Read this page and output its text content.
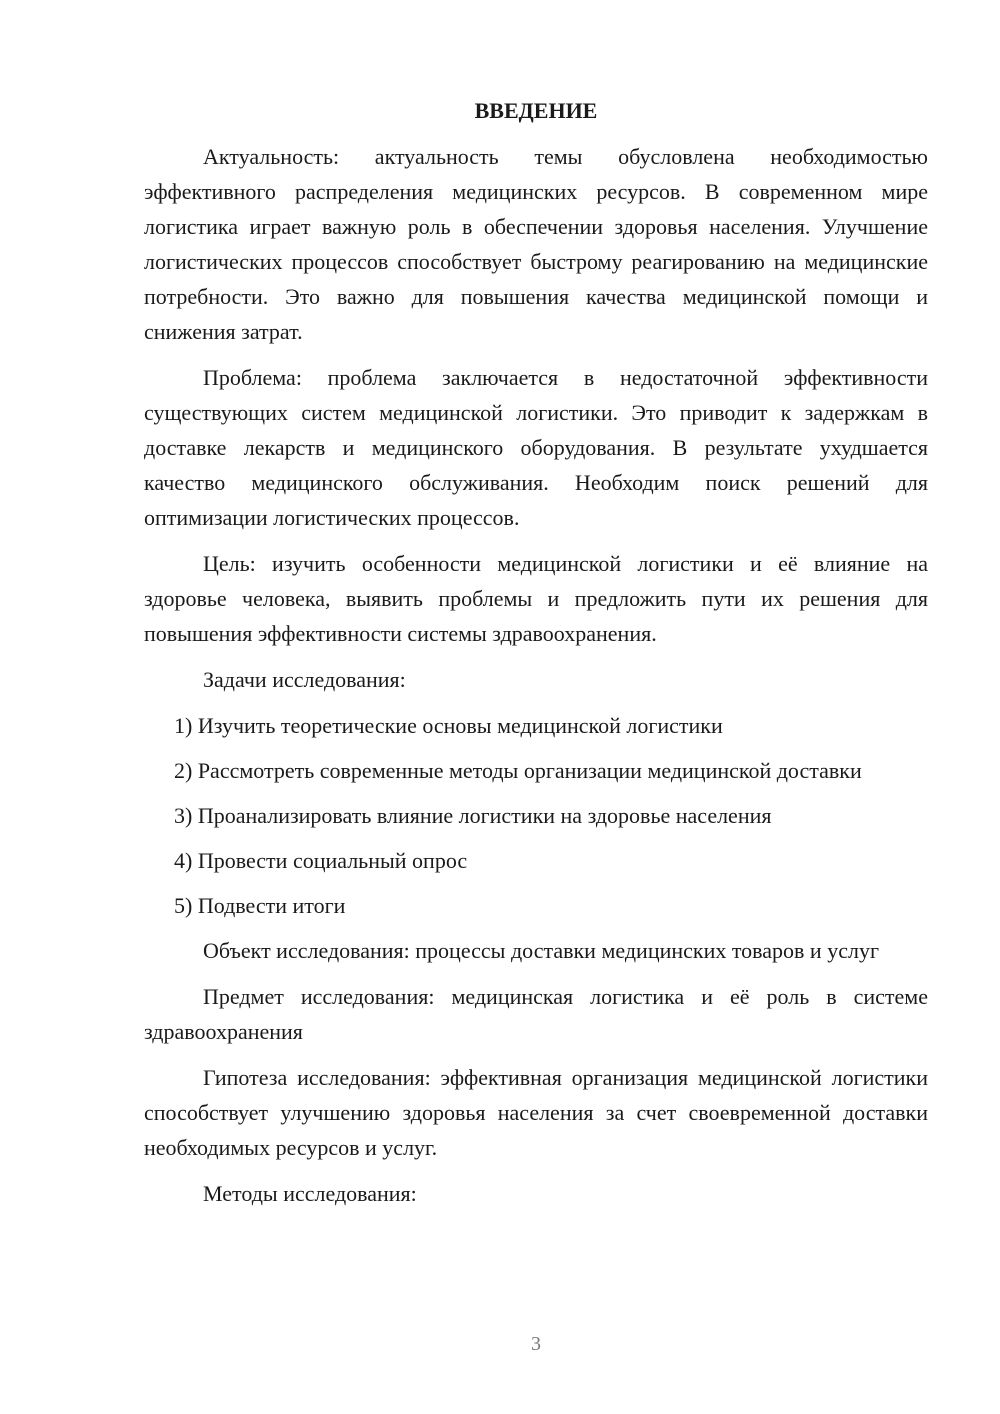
ВВЕДЕНИЕ

Актуальность: актуальность темы обусловлена необходимостью эффективного распределения медицинских ресурсов. В современном мире логистика играет важную роль в обеспечении здоровья населения. Улучшение логистических процессов способствует быстрому реагированию на медицинские потребности. Это важно для повышения качества медицинской помощи и снижения затрат.

Проблема: проблема заключается в недостаточной эффективности существующих систем медицинской логистики. Это приводит к задержкам в доставке лекарств и медицинского оборудования. В результате ухудшается качество медицинского обслуживания. Необходим поиск решений для оптимизации логистических процессов.

Цель: изучить особенности медицинской логистики и её влияние на здоровье человека, выявить проблемы и предложить пути их решения для повышения эффективности системы здравоохранения.

Задачи исследования:

1) Изучить теоретические основы медицинской логистики

2) Рассмотреть современные методы организации медицинской доставки

3) Проанализировать влияние логистики на здоровье населения

4) Провести социальный опрос

5) Подвести итоги

Объект исследования: процессы доставки медицинских товаров и услуг

Предмет исследования: медицинская логистика и её роль в системе здравоохранения

Гипотеза исследования: эффективная организация медицинской логистики способствует улучшению здоровья населения за счет своевременной доставки необходимых ресурсов и услуг.

Методы исследования:

3
